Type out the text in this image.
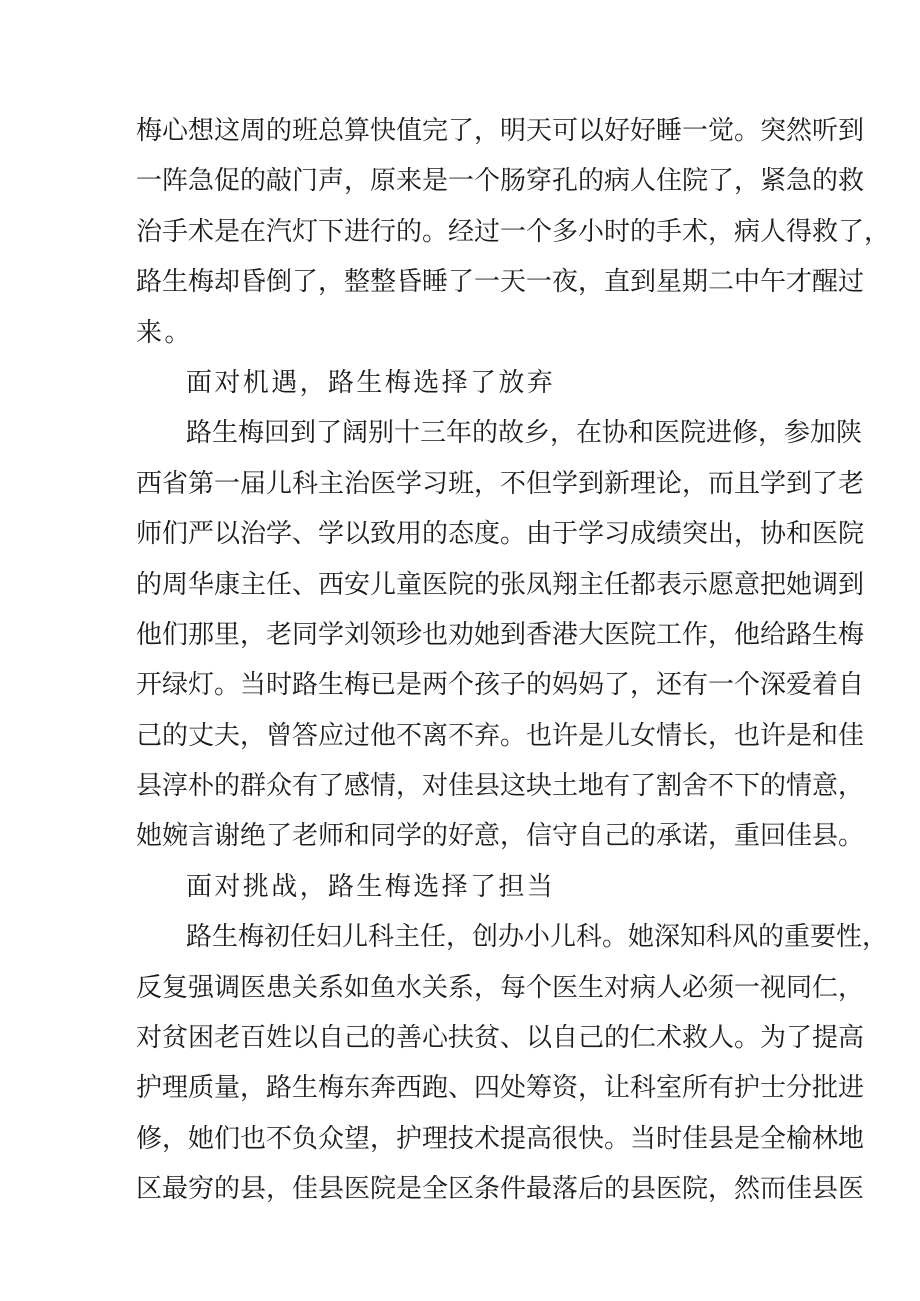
梅心想这周的班总算快值完了，明天可以好好睡一觉。突然听到
一阵急促的敲门声，原来是一个肠穿孔的病人住院了，紧急的救
治手术是在汽灯下进行的。经过一个多小时的手术，病人得救了，
路生梅却昏倒了，整整昏睡了一天一夜，直到星期二中午才醒过
来。
面对机遇，路生梅选择了放弃
路生梅回到了阔别十三年的故乡，在协和医院进修，参加陕
西省第一届儿科主治医学习班，不但学到新理论，而且学到了老
师们严以治学、学以致用的态度。由于学习成绩突出，协和医院
的周华康主任、西安儿童医院的张凤翔主任都表示愿意把她调到
他们那里，老同学刘领珍也劝她到香港大医院工作，他给路生梅
开绿灯。当时路生梅已是两个孩子的妈妈了，还有一个深爱着自
己的丈夫，曾答应过他不离不弃。也许是儿女情长，也许是和佳
县淳朴的群众有了感情，对佳县这块土地有了割舍不下的情意，
她婉言谢绝了老师和同学的好意，信守自己的承诺，重回佳县。
面对挑战，路生梅选择了担当
路生梅初任妇儿科主任，创办小儿科。她深知科风的重要性，
反复强调医患关系如鱼水关系，每个医生对病人必须一视同仁，
对贫困老百姓以自己的善心扶贫、以自己的仁术救人。为了提高
护理质量，路生梅东奔西跑、四处筹资，让科室所有护士分批进
修，她们也不负众望，护理技术提高很快。当时佳县是全榆林地
区最穷的县，佳县医院是全区条件最落后的县医院，然而佳县医
